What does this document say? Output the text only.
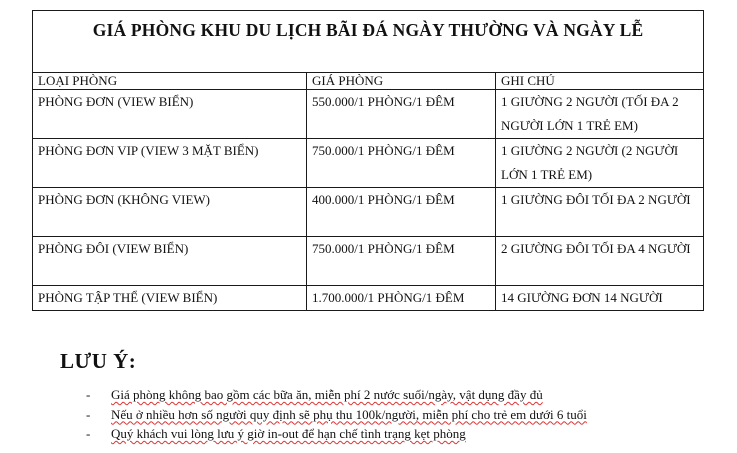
GIÁ PHÒNG KHU DU LỊCH BÃI ĐÁ NGÀY THƯỜNG VÀ NGÀY LỄ		
LOẠI PHÒNG	GIÁ PHÒNG	GHI CHÚ
PHÒNG ĐƠN (VIEW BIỂN)	550.000/1 PHÒNG/1 ĐÊM	1 GIƯỜNG 2 NGƯỜI (TỐI ĐA 2 NGƯỜI LỚN 1 TRẺ EM)
PHÒNG ĐƠN VIP (VIEW 3 MẶT BIỂN)	750.000/1 PHÒNG/1 ĐÊM	1 GIƯỜNG 2 NGƯỜI (2 NGƯỜI LỚN 1 TRẺ EM)
PHÒNG ĐƠN (KHÔNG VIEW)	400.000/1 PHÒNG/1 ĐÊM	1 GIƯỜNG ĐÔI TỐI ĐA 2 NGƯỜI
PHÒNG ĐÔI (VIEW BIỂN)	750.000/1 PHÒNG/1 ĐÊM	2 GIƯỜNG ĐÔI TỐI ĐA 4 NGƯỜI
PHÒNG TẬP THỂ (VIEW BIỂN)	1.700.000/1 PHÒNG/1 ĐÊM	14 GIƯỜNG ĐƠN 14 NGƯỜI
LƯU Ý:
- Giá phòng không bao gồm các bữa ăn, miễn phí 2 nước suối/ngày, vật dụng đầy đủ
- Nếu ở nhiều hơn số người quy định sẽ phụ thu 100k/người, miễn phí cho trẻ em dưới 6 tuổi
- Quý khách vui lòng lưu ý giờ in-out để hạn chế tình trạng kẹt phòng
